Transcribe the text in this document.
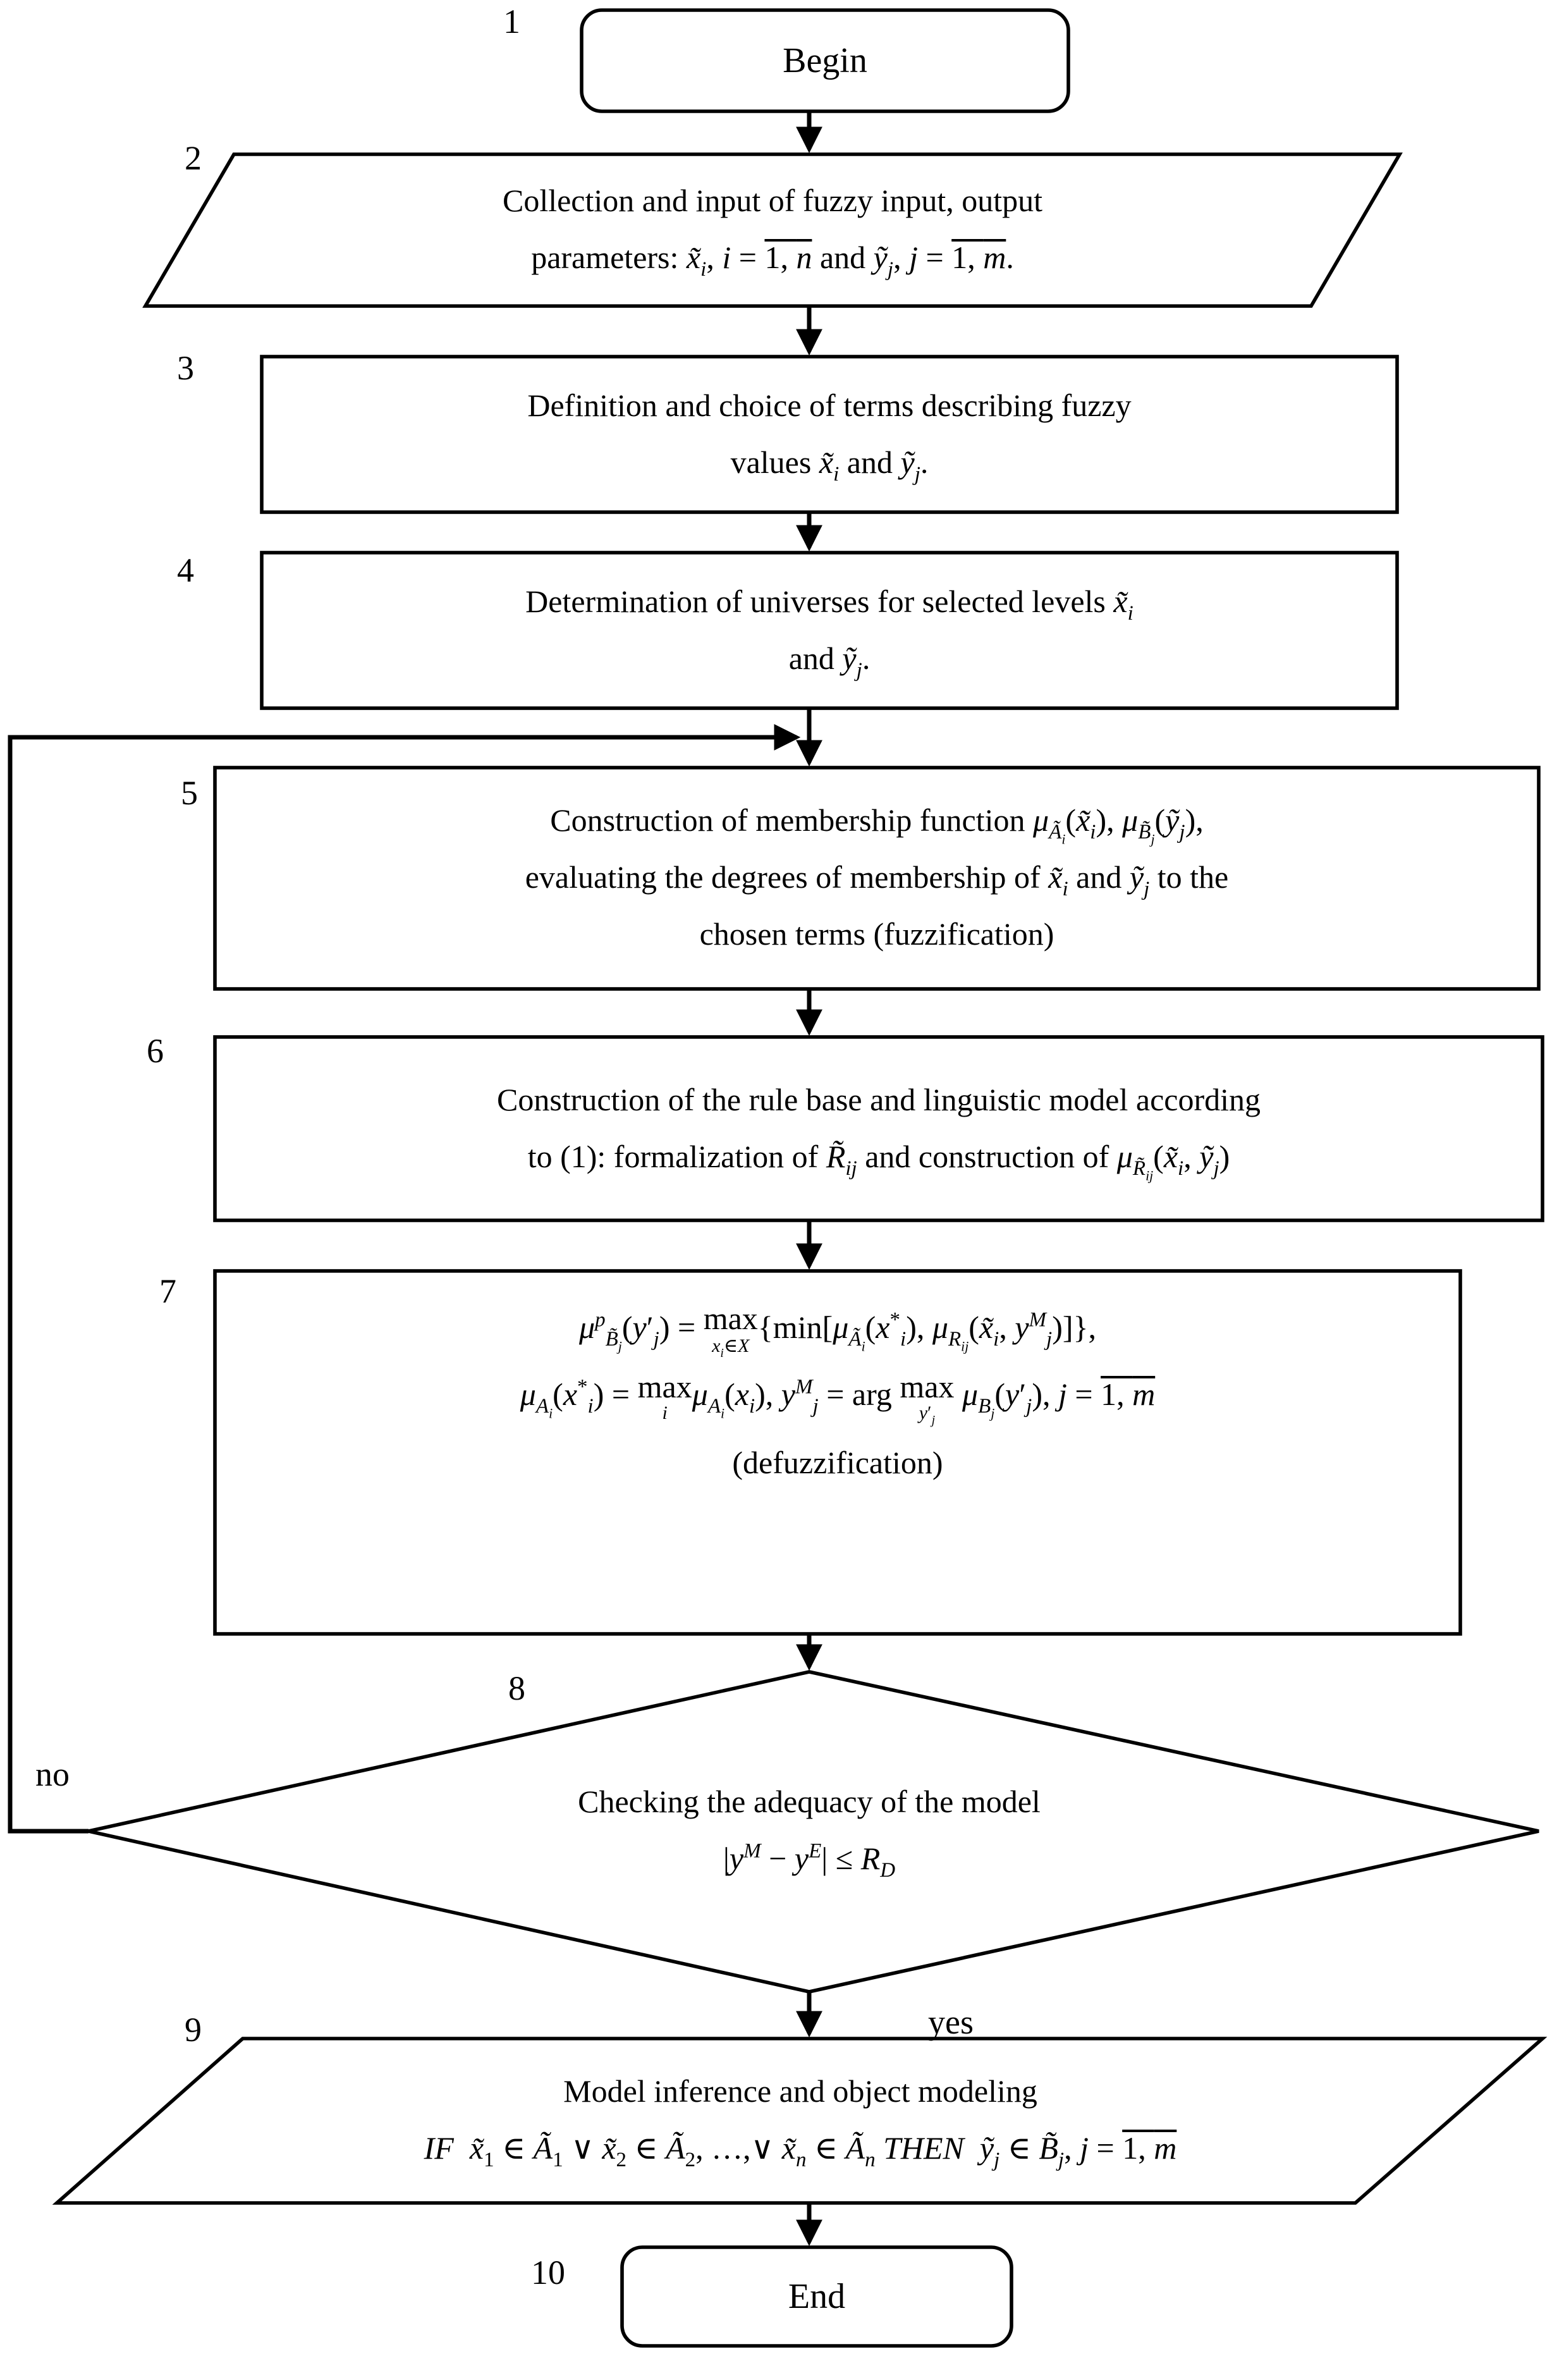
Begin
Collection and input of fuzzy input, output
parameters: $x̃_i$, i = 1, n and $ỹ_j$, j = 1, m.
Definition and choice of terms describing fuzzy
values $x̃_i$ and $ỹ_j$.
Determination of universes for selected levels $x̃_i$
and $ỹ_j$.
Construction of membership function $\mu_{Ã_i}(x̃_i)$, $\mu_{B̃_j}(ỹ_j)$,
evaluating the degrees of membership of $x̃_i$ and $ỹ_j$ to the
chosen terms (fuzzification)
Construction of the rule base and linguistic model according
to (1): formalization of $R̃_{ij}$ and construction of $\mu_{R̃_{ij}}(x̃_i$, $ỹ_j$)
$\mu^p_{B̃_j}(y'_j) = \max$
$x_i\in X$
{$\min[\mu_{Ã_i}(x^*_i)$, $\mu_{R_{ij}}(x̃_i$, $y^M_j$)]},
$\mu_{A_i}(x^*_i) = \max$
i
$\mu_{A_i}(x_i)$, $y^M_j$ = arg max
$y'_j$
$\mu_{B_j}(y'_j)$, j = 1, m
(defuzzification)
Checking the adequacy of the model
$|y^M - y^E| \le R_D$
Model inference and object modeling
IF $x̃_1$ ∈ $Ã_1$ ∨ $x̃_2$ ∈ $Ã_2$, …,∨ $x̃_n$ ∈ $Ã_n$ THEN $ỹ_j$ ∈ $B̃_j$, j = 1, m
End
1
2
3
4
5
6
7
8
9
10
no
yes
